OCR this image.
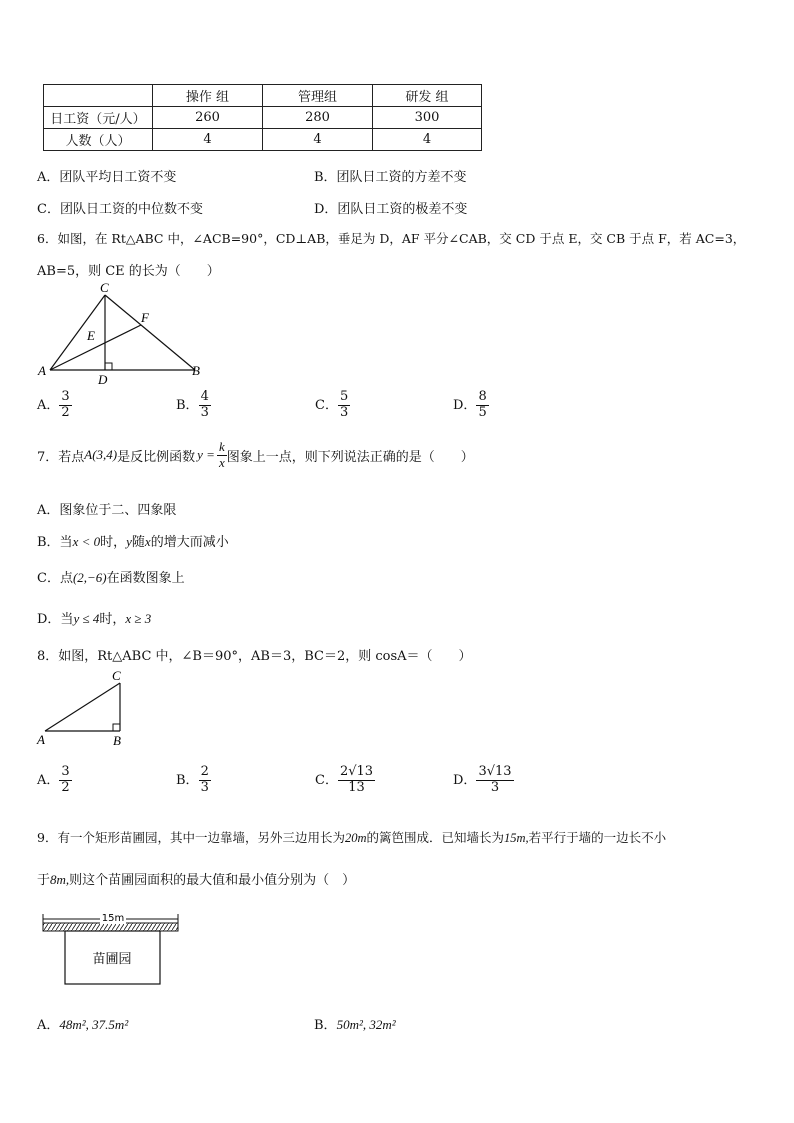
	操作 组	管理组	研发 组
日工资（元/人）	260	280	300
人数（人）	4	4	4
A．团队平均日工资不变	B．团队日工资的方差不变
C．团队日工资的中位数不变	D．团队日工资的极差不变
6．如图，在 Rt△ABC 中，∠ACB=90°，CD⊥AB，垂足为 D，AF 平分∠CAB，交 CD 于点 E，交 CB 于点 F，若 AC=3，
AB=5，则 CE 的长为（　　）
C
F
E
A
D
B
A． $\frac{3}{2}$	B． $\frac{4}{3}$	C． $\frac{5}{3}$	D． $\frac{8}{5}$
7．若点 A(3,4) 是反比例函数 $y = \frac{k}{x}$ 图象上一点，则下列说法正确的是（　　）
A．图象位于二、四象限
B．当x < 0时，y随x的增大而减小
C．点(2,−6)在函数图象上
D．当y ≤ 4时，x ≥ 3
8．如图，Rt△ABC 中，∠B＝90°，AB＝3，BC＝2，则 cosA＝（　　）
C
A	B
A． $\frac{3}{2}$	B． $\frac{2}{3}$	C． $\frac{2√13}{13}$	D． $\frac{3√13}{3}$
9．有一个矩形苗圃园，其中一边靠墙，另外三边用长为20m的篱笆围成．已知墙长为15m,若平行于墙的一边长不小
于8m,则这个苗圃园面积的最大值和最小值分别为（　）
15m
苗圃园
A．48m², 37.5m²	B．50m², 32m²
